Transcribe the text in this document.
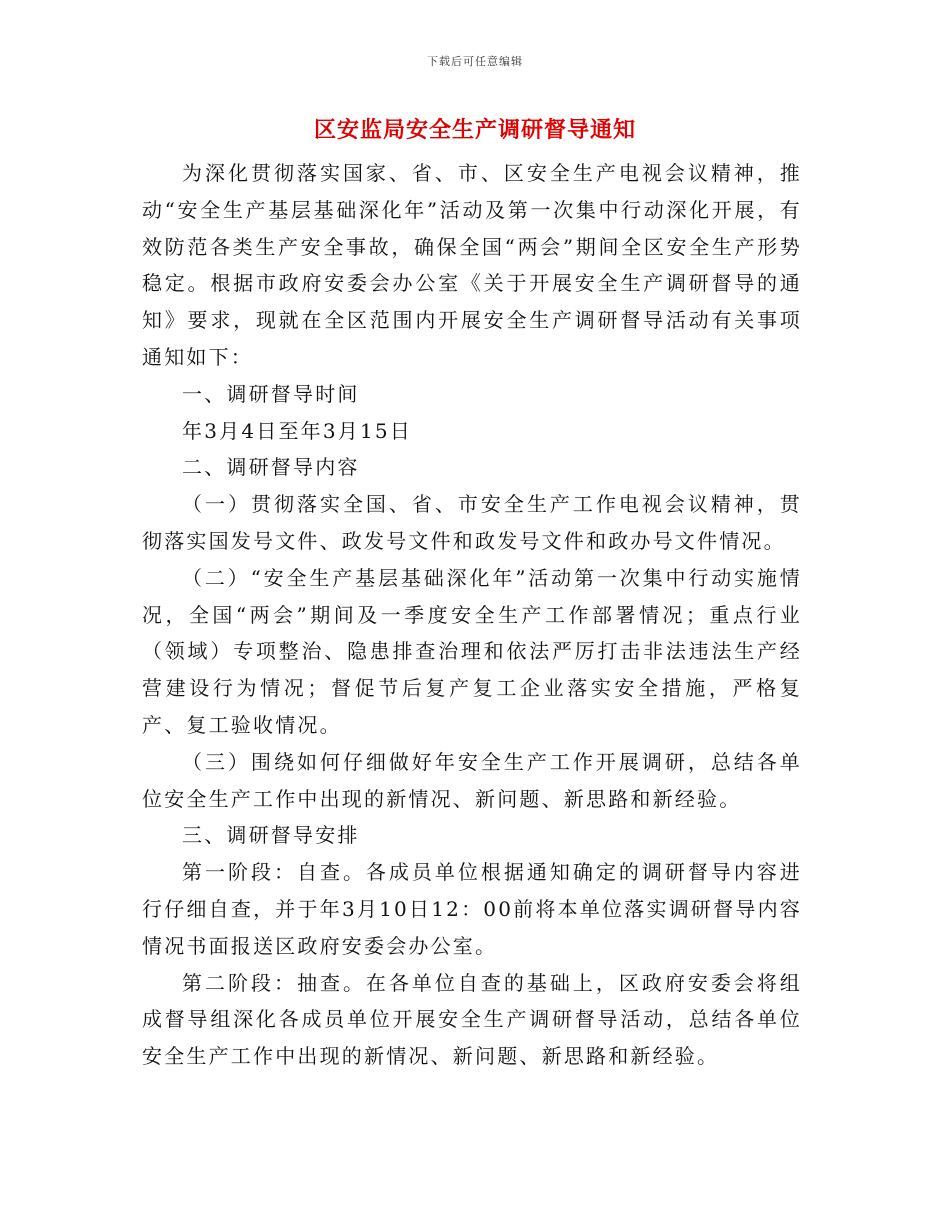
下载后可任意编辑
区安监局安全生产调研督导通知

为深化贯彻落实国家、省、市、区安全生产电视会议精神，推动“安全生产基层基础深化年”活动及第一次集中行动深化开展，有效防范各类生产安全事故，确保全国“两会”期间全区安全生产形势稳定。根据市政府安委会办公室《关于开展安全生产调研督导的通知》要求，现就在全区范围内开展安全生产调研督导活动有关事项通知如下：

一、调研督导时间

年3月4日至年3月15日

二、调研督导内容

（一）贯彻落实全国、省、市安全生产工作电视会议精神，贯彻落实国发号文件、政发号文件和政发号文件和政办号文件情况。

（二）“安全生产基层基础深化年”活动第一次集中行动实施情况，全国“两会”期间及一季度安全生产工作部署情况；重点行业（领域）专项整治、隐患排查治理和依法严厉打击非法违法生产经营建设行为情况；督促节后复产复工企业落实安全措施，严格复产、复工验收情况。

（三）围绕如何仔细做好年安全生产工作开展调研，总结各单位安全生产工作中出现的新情况、新问题、新思路和新经验。

三、调研督导安排

第一阶段：自查。各成员单位根据通知确定的调研督导内容进行仔细自查，并于年3月10日12：00前将本单位落实调研督导内容情况书面报送区政府安委会办公室。

第二阶段：抽查。在各单位自查的基础上，区政府安委会将组成督导组深化各成员单位开展安全生产调研督导活动，总结各单位安全生产工作中出现的新情况、新问题、新思路和新经验。
